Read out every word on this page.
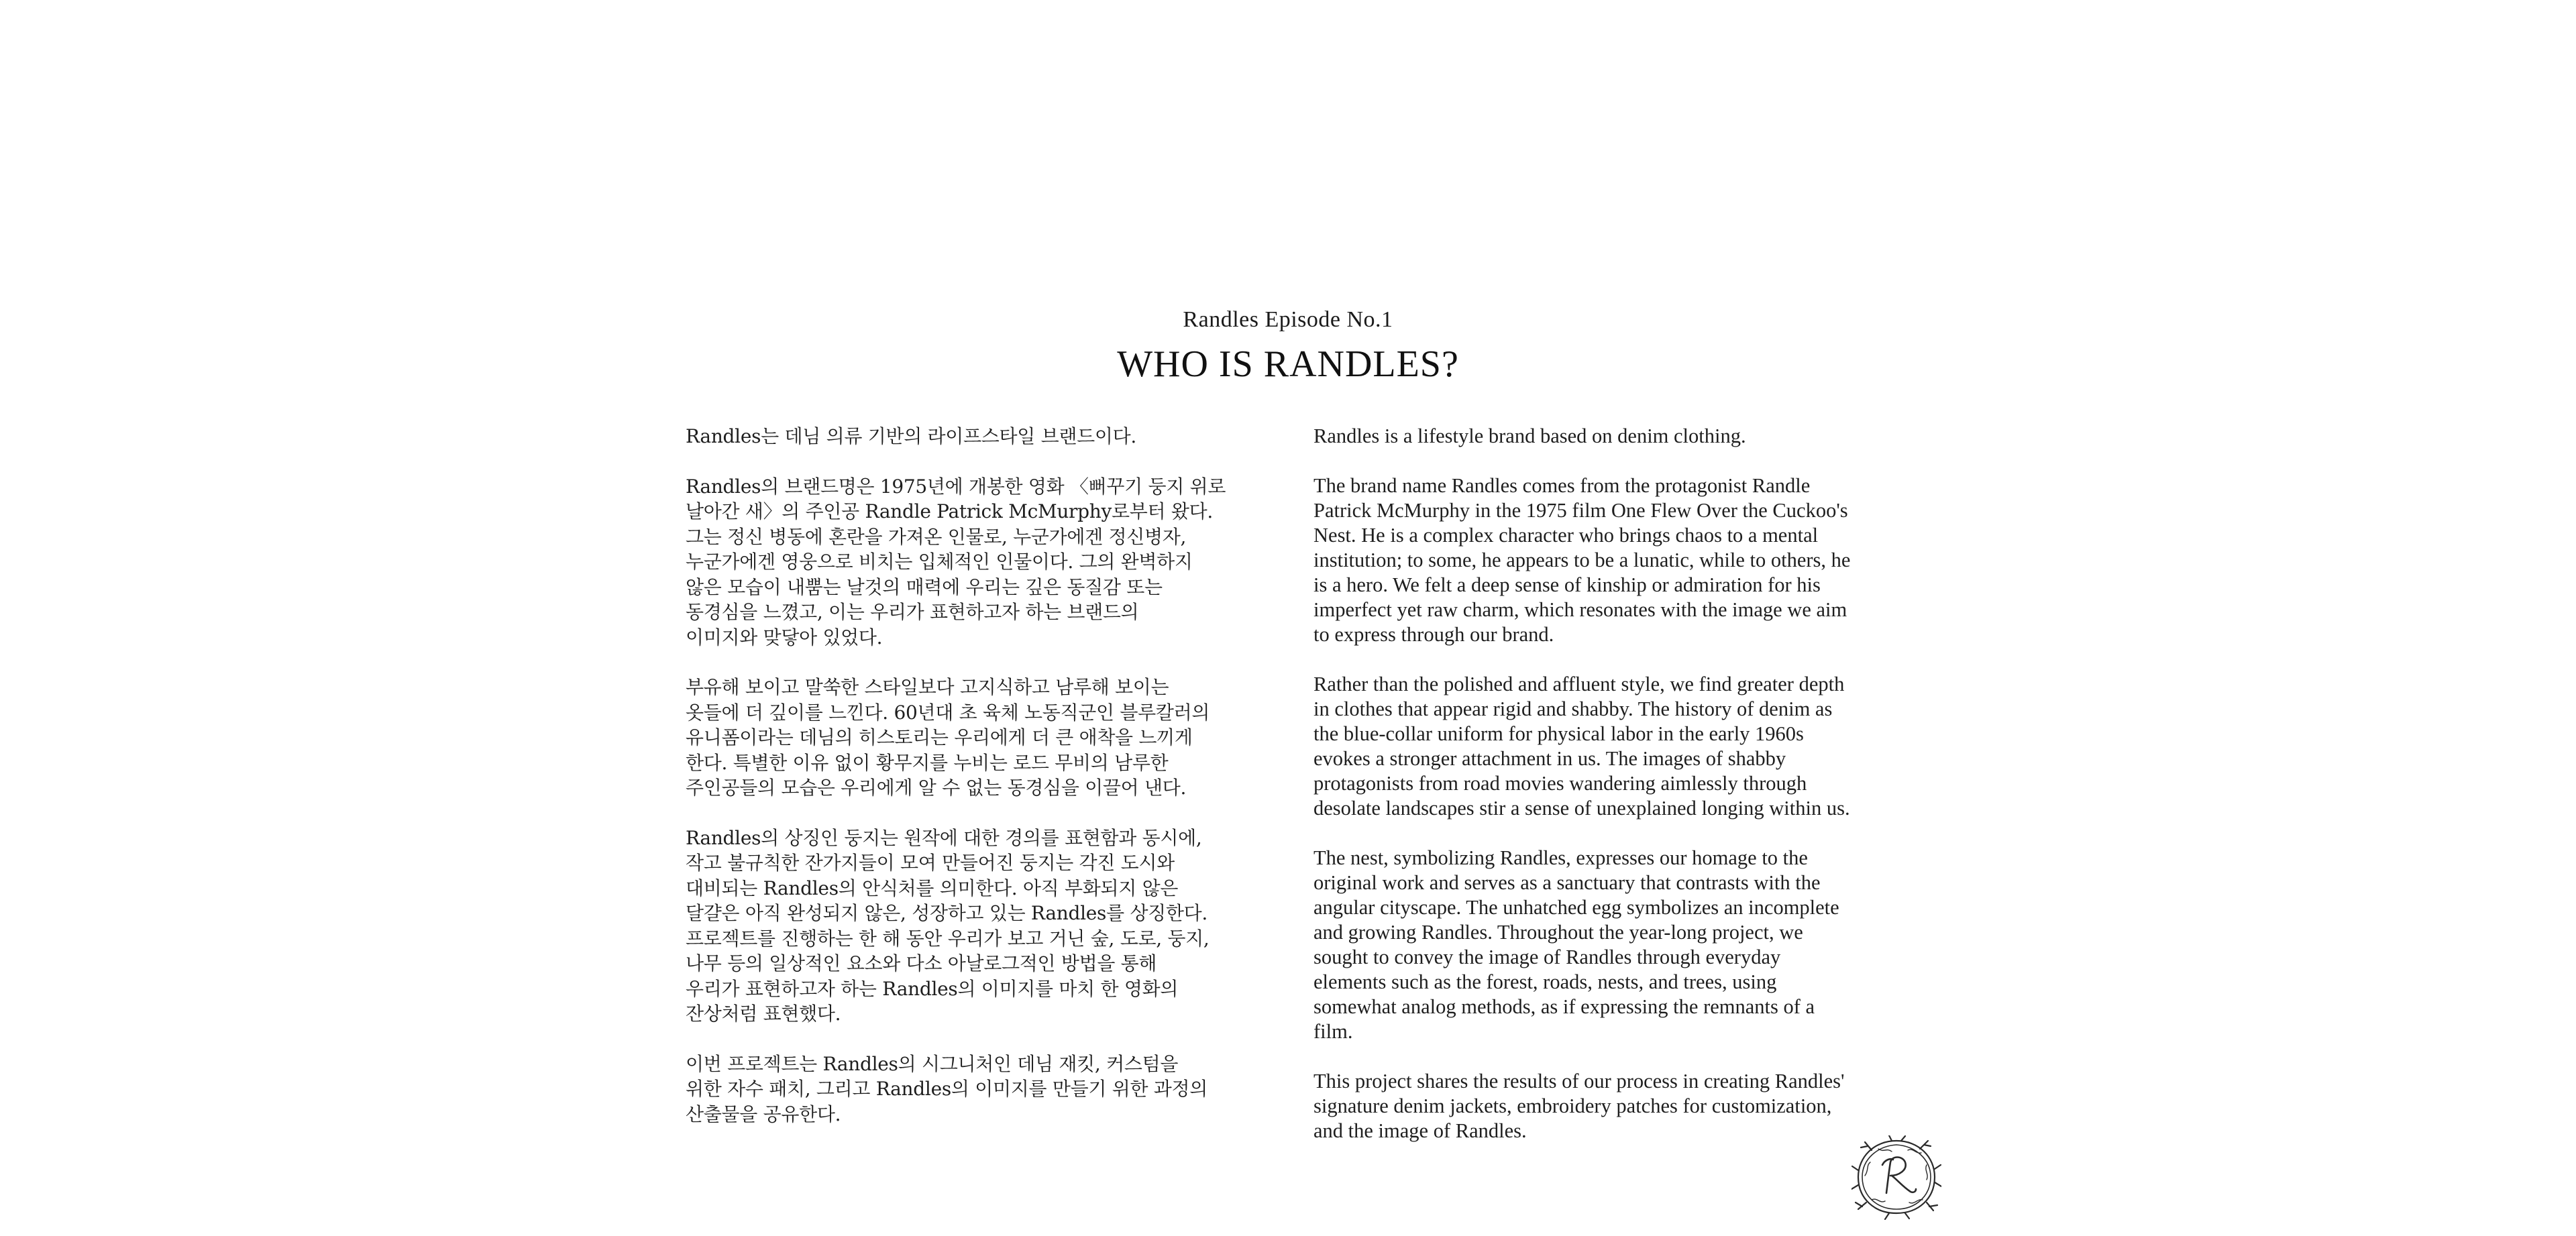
Randles Episode No.1
WHO IS RANDLES?

Randles는 데님 의류 기반의 라이프스타일 브랜드이다.

Randles의 브랜드명은 1975년에 개봉한 영화 〈뻐꾸기 둥지 위로
날아간 새〉의 주인공 Randle Patrick McMurphy로부터 왔다.
그는 정신 병동에 혼란을 가져온 인물로, 누군가에겐 정신병자,
누군가에겐 영웅으로 비치는 입체적인 인물이다. 그의 완벽하지
않은 모습이 내뿜는 날것의 매력에 우리는 깊은 동질감 또는
동경심을 느꼈고, 이는 우리가 표현하고자 하는 브랜드의
이미지와 맞닿아 있었다.

부유해 보이고 말쑥한 스타일보다 고지식하고 남루해 보이는
옷들에 더 깊이를 느낀다. 60년대 초 육체 노동직군인 블루칼러의
유니폼이라는 데님의 히스토리는 우리에게 더 큰 애착을 느끼게
한다. 특별한 이유 없이 황무지를 누비는 로드 무비의 남루한
주인공들의 모습은 우리에게 알 수 없는 동경심을 이끌어 낸다.

Randles의 상징인 둥지는 원작에 대한 경의를 표현함과 동시에,
작고 불규칙한 잔가지들이 모여 만들어진 둥지는 각진 도시와
대비되는 Randles의 안식처를 의미한다. 아직 부화되지 않은
달걀은 아직 완성되지 않은, 성장하고 있는 Randles를 상징한다.
프로젝트를 진행하는 한 해 동안 우리가 보고 거닌 숲, 도로, 둥지,
나무 등의 일상적인 요소와 다소 아날로그적인 방법을 통해
우리가 표현하고자 하는 Randles의 이미지를 마치 한 영화의
잔상처럼 표현했다.

이번 프로젝트는 Randles의 시그니처인 데님 재킷, 커스텀을
위한 자수 패치, 그리고 Randles의 이미지를 만들기 위한 과정의
산출물을 공유한다.

Randles is a lifestyle brand based on denim clothing.

The brand name Randles comes from the protagonist Randle
Patrick McMurphy in the 1975 film One Flew Over the Cuckoo's
Nest. He is a complex character who brings chaos to a mental
institution; to some, he appears to be a lunatic, while to others, he
is a hero. We felt a deep sense of kinship or admiration for his
imperfect yet raw charm, which resonates with the image we aim
to express through our brand.

Rather than the polished and affluent style, we find greater depth
in clothes that appear rigid and shabby. The history of denim as
the blue-collar uniform for physical labor in the early 1960s
evokes a stronger attachment in us. The images of shabby
protagonists from road movies wandering aimlessly through
desolate landscapes stir a sense of unexplained longing within us.

The nest, symbolizing Randles, expresses our homage to the
original work and serves as a sanctuary that contrasts with the
angular cityscape. The unhatched egg symbolizes an incomplete
and growing Randles. Throughout the year-long project, we
sought to convey the image of Randles through everyday
elements such as the forest, roads, nests, and trees, using
somewhat analog methods, as if expressing the remnants of a
film.

This project shares the results of our process in creating Randles'
signature denim jackets, embroidery patches for customization,
and the image of Randles.
